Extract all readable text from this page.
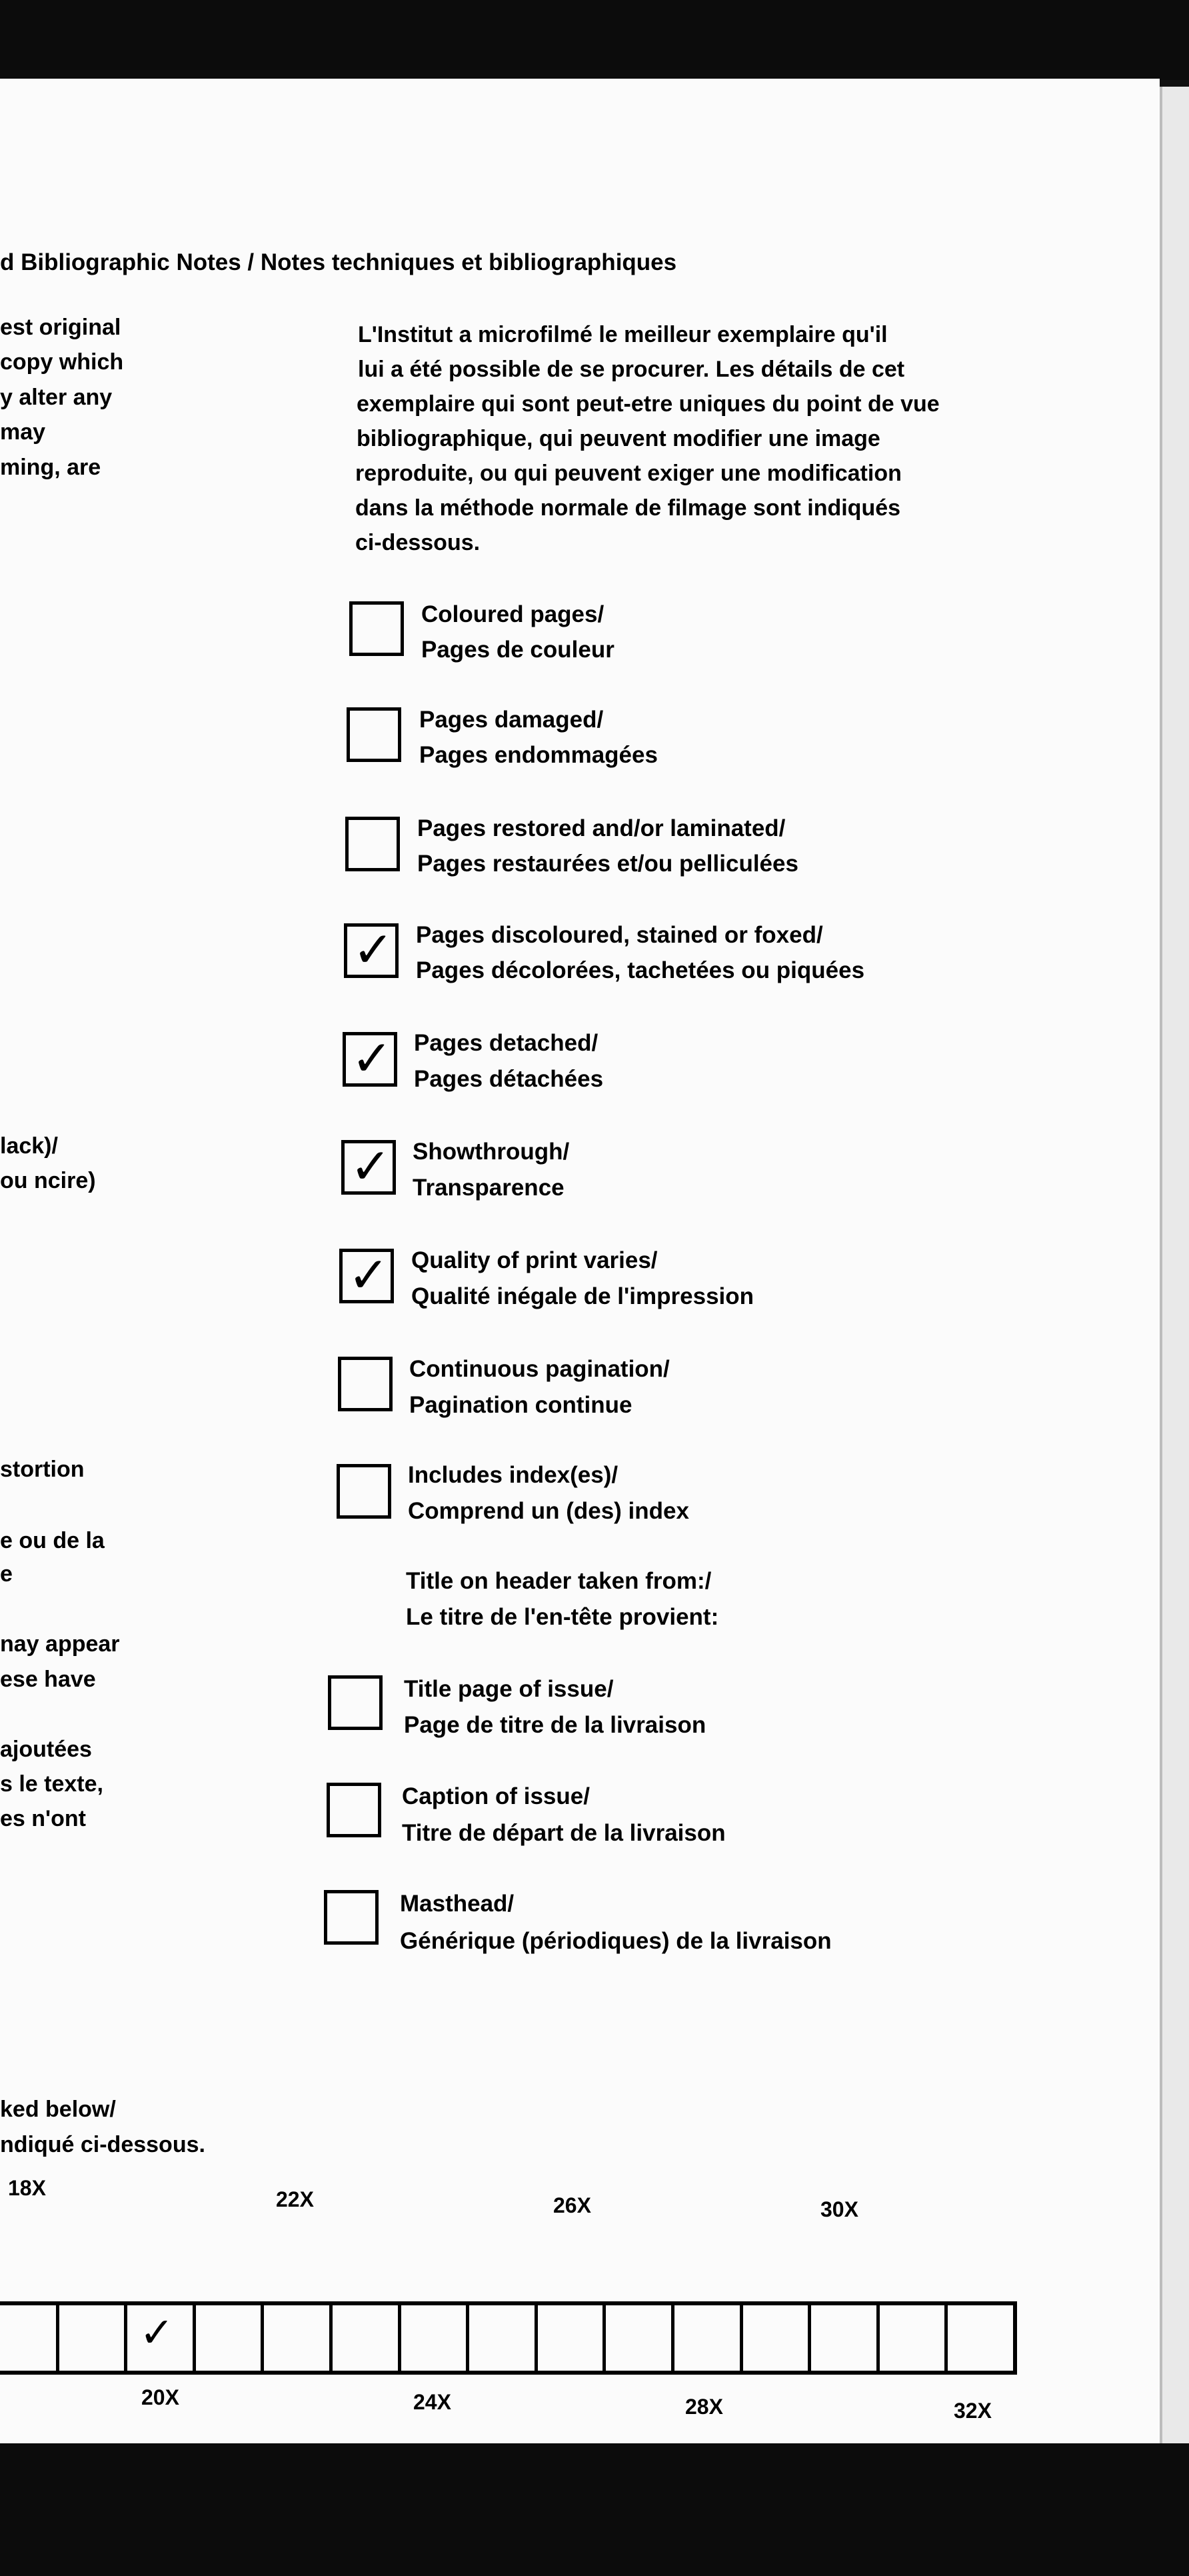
d Bibliographic Notes / Notes techniques et bibliographiques
est original
copy which
y alter any
may
ming, are
lack)/
ou ncire)
stortion
e ou de la
e
nay appear
ese have
ajoutées
s le texte,
es n'ont
ked below/
ndiqué ci-dessous.
L'Institut a microfilmé le meilleur exemplaire qu'il
lui a été possible de se procurer. Les détails de cet
exemplaire qui sont peut-etre uniques du point de vue
bibliographique, qui peuvent modifier une image
reproduite, ou qui peuvent exiger une modification
dans la méthode normale de filmage sont indiqués
ci-dessous.
Coloured pages/
Pages de couleur
Pages damaged/
Pages endommagées
Pages restored and/or laminated/
Pages restaurées et/ou pelliculées
✓ Pages discoloured, stained or foxed/
Pages décolorées, tachetées ou piquées
✓ Pages detached/
Pages détachées
✓ Showthrough/
Transparence
✓ Quality of print varies/
Qualité inégale de l'impression
Continuous pagination/
Pagination continue
Includes index(es)/
Comprend un (des) index
Title on header taken from:/
Le titre de l'en-tête provient:
Title page of issue/
Page de titre de la livraison
Caption of issue/
Titre de départ de la livraison
Masthead/
Générique (périodiques) de la livraison
18X	22X	26X	30X
✓
20X	24X	28X	32X
